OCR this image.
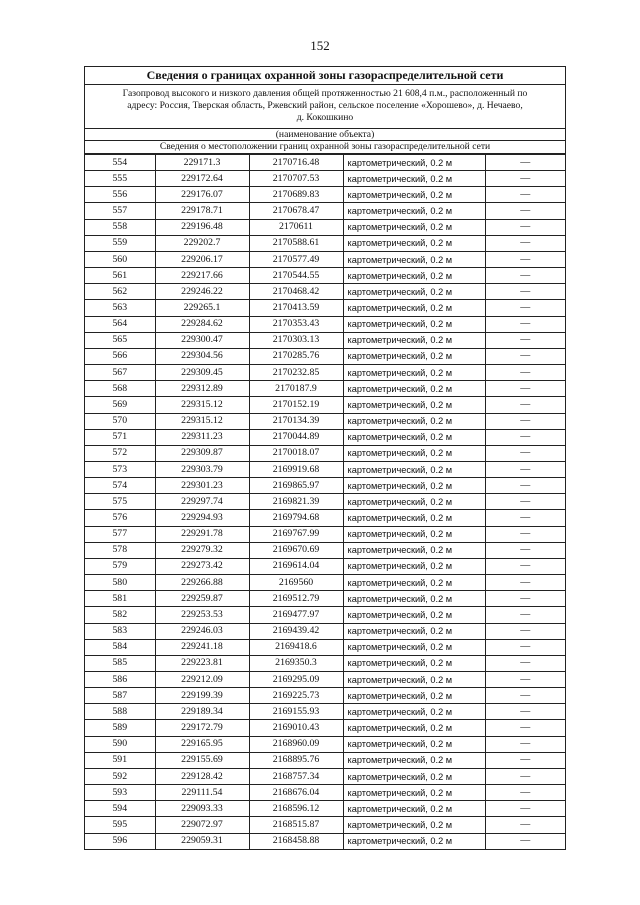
152
Сведения о границах охранной зоны газораспределительной сети
Газопровод высокого и низкого давления общей протяженностью 21 608,4 п.м., расположенный по
адресу: Россия, Тверская область, Ржевский район, сельское поселение «Хорошево», д. Нечаево,
д. Кокошкино
(наименование объекта)
Сведения о местоположении границ охранной зоны газораспределительной сети
554	229171.3	2170716.48	картометрический, 0.2 м	—
555	229172.64	2170707.53	картометрический, 0.2 м	—
556	229176.07	2170689.83	картометрический, 0.2 м	—
557	229178.71	2170678.47	картометрический, 0.2 м	—
558	229196.48	2170611	картометрический, 0.2 м	—
559	229202.7	2170588.61	картометрический, 0.2 м	—
560	229206.17	2170577.49	картометрический, 0.2 м	—
561	229217.66	2170544.55	картометрический, 0.2 м	—
562	229246.22	2170468.42	картометрический, 0.2 м	—
563	229265.1	2170413.59	картометрический, 0.2 м	—
564	229284.62	2170353.43	картометрический, 0.2 м	—
565	229300.47	2170303.13	картометрический, 0.2 м	—
566	229304.56	2170285.76	картометрический, 0.2 м	—
567	229309.45	2170232.85	картометрический, 0.2 м	—
568	229312.89	2170187.9	картометрический, 0.2 м	—
569	229315.12	2170152.19	картометрический, 0.2 м	—
570	229315.12	2170134.39	картометрический, 0.2 м	—
571	229311.23	2170044.89	картометрический, 0.2 м	—
572	229309.87	2170018.07	картометрический, 0.2 м	—
573	229303.79	2169919.68	картометрический, 0.2 м	—
574	229301.23	2169865.97	картометрический, 0.2 м	—
575	229297.74	2169821.39	картометрический, 0.2 м	—
576	229294.93	2169794.68	картометрический, 0.2 м	—
577	229291.78	2169767.99	картометрический, 0.2 м	—
578	229279.32	2169670.69	картометрический, 0.2 м	—
579	229273.42	2169614.04	картометрический, 0.2 м	—
580	229266.88	2169560	картометрический, 0.2 м	—
581	229259.87	2169512.79	картометрический, 0.2 м	—
582	229253.53	2169477.97	картометрический, 0.2 м	—
583	229246.03	2169439.42	картометрический, 0.2 м	—
584	229241.18	2169418.6	картометрический, 0.2 м	—
585	229223.81	2169350.3	картометрический, 0.2 м	—
586	229212.09	2169295.09	картометрический, 0.2 м	—
587	229199.39	2169225.73	картометрический, 0.2 м	—
588	229189.34	2169155.93	картометрический, 0.2 м	—
589	229172.79	2169010.43	картометрический, 0.2 м	—
590	229165.95	2168960.09	картометрический, 0.2 м	—
591	229155.69	2168895.76	картометрический, 0.2 м	—
592	229128.42	2168757.34	картометрический, 0.2 м	—
593	229111.54	2168676.04	картометрический, 0.2 м	—
594	229093.33	2168596.12	картометрический, 0.2 м	—
595	229072.97	2168515.87	картометрический, 0.2 м	—
596	229059.31	2168458.88	картометрический, 0.2 м	—
